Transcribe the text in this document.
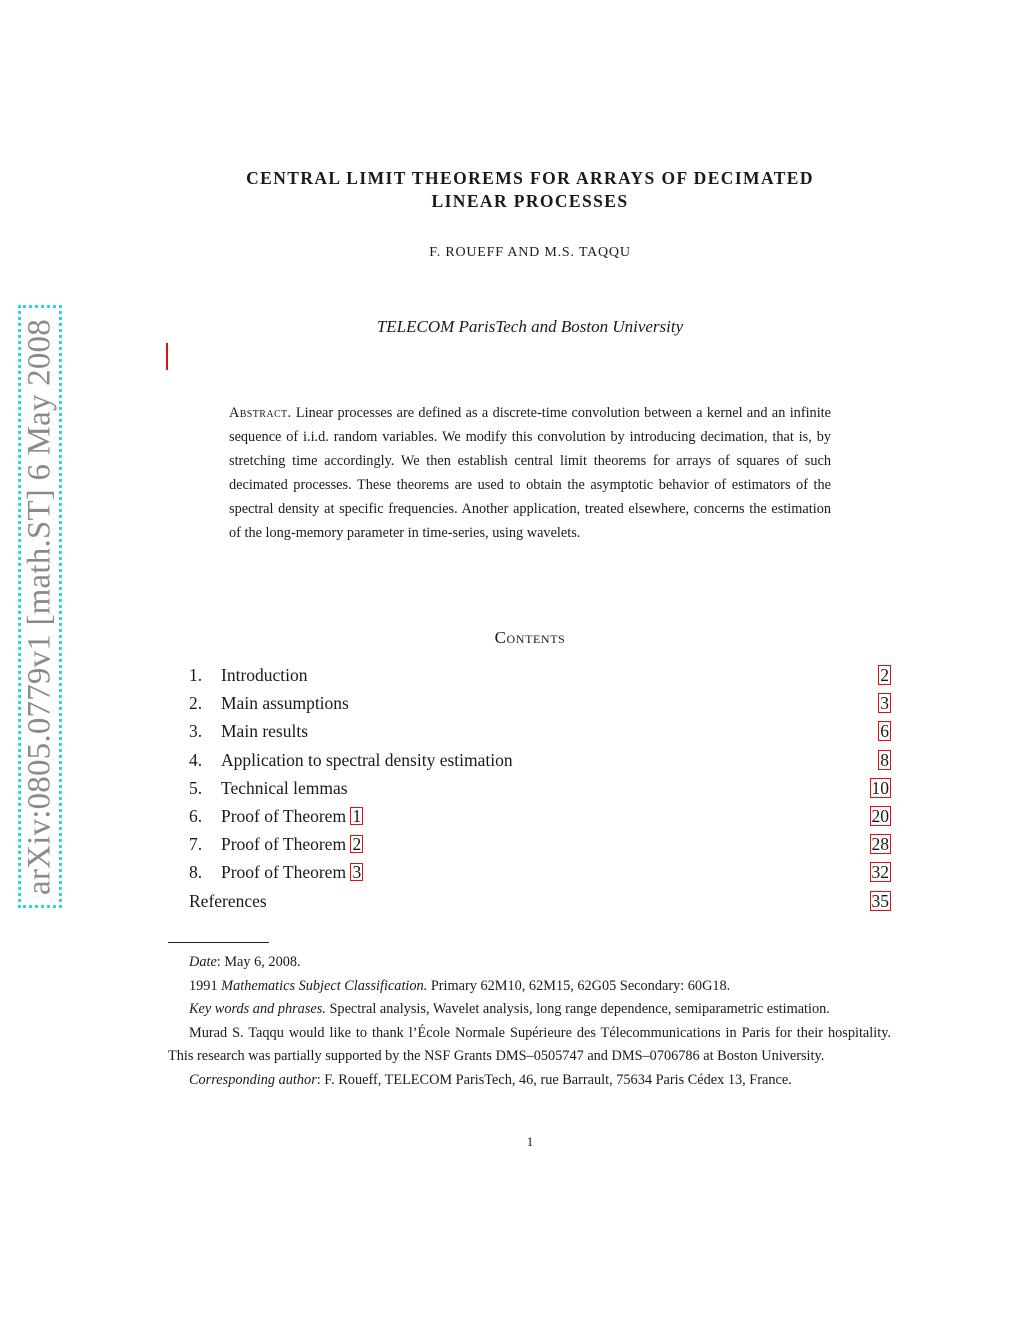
arXiv:0805.0779v1 [math.ST] 6 May 2008
CENTRAL LIMIT THEOREMS FOR ARRAYS OF DECIMATED
LINEAR PROCESSES
F. ROUEFF AND M.S. TAQQU
TELECOM ParisTech and Boston University
Abstract. Linear processes are defined as a discrete-time convolution between a kernel and an infinite sequence of i.i.d. random variables. We modify this convolution by introducing decimation, that is, by stretching time accordingly. We then establish central limit theorems for arrays of squares of such decimated processes. These theorems are used to obtain the asymptotic behavior of estimators of the spectral density at specific frequencies. Another application, treated elsewhere, concerns the estimation of the long-memory parameter in time-series, using wavelets.
Contents
1. Introduction	2
2. Main assumptions	3
3. Main results	6
4. Application to spectral density estimation	8
5. Technical lemmas	10
6. Proof of Theorem 1	20
7. Proof of Theorem 2	28
8. Proof of Theorem 3	32
References	35

Date: May 6, 2008.

1991 Mathematics Subject Classification. Primary 62M10, 62M15, 62G05 Secondary: 60G18.

Key words and phrases. Spectral analysis, Wavelet analysis, long range dependence, semiparametric estimation.

Murad S. Taqqu would like to thank l’École Normale Supérieure des Télecommunications in Paris for their hospitality. This research was partially supported by the NSF Grants DMS–0505747 and DMS–0706786 at Boston University.

Corresponding author: F. Roueff, TELECOM ParisTech, 46, rue Barrault, 75634 Paris Cédex 13, France.

1
